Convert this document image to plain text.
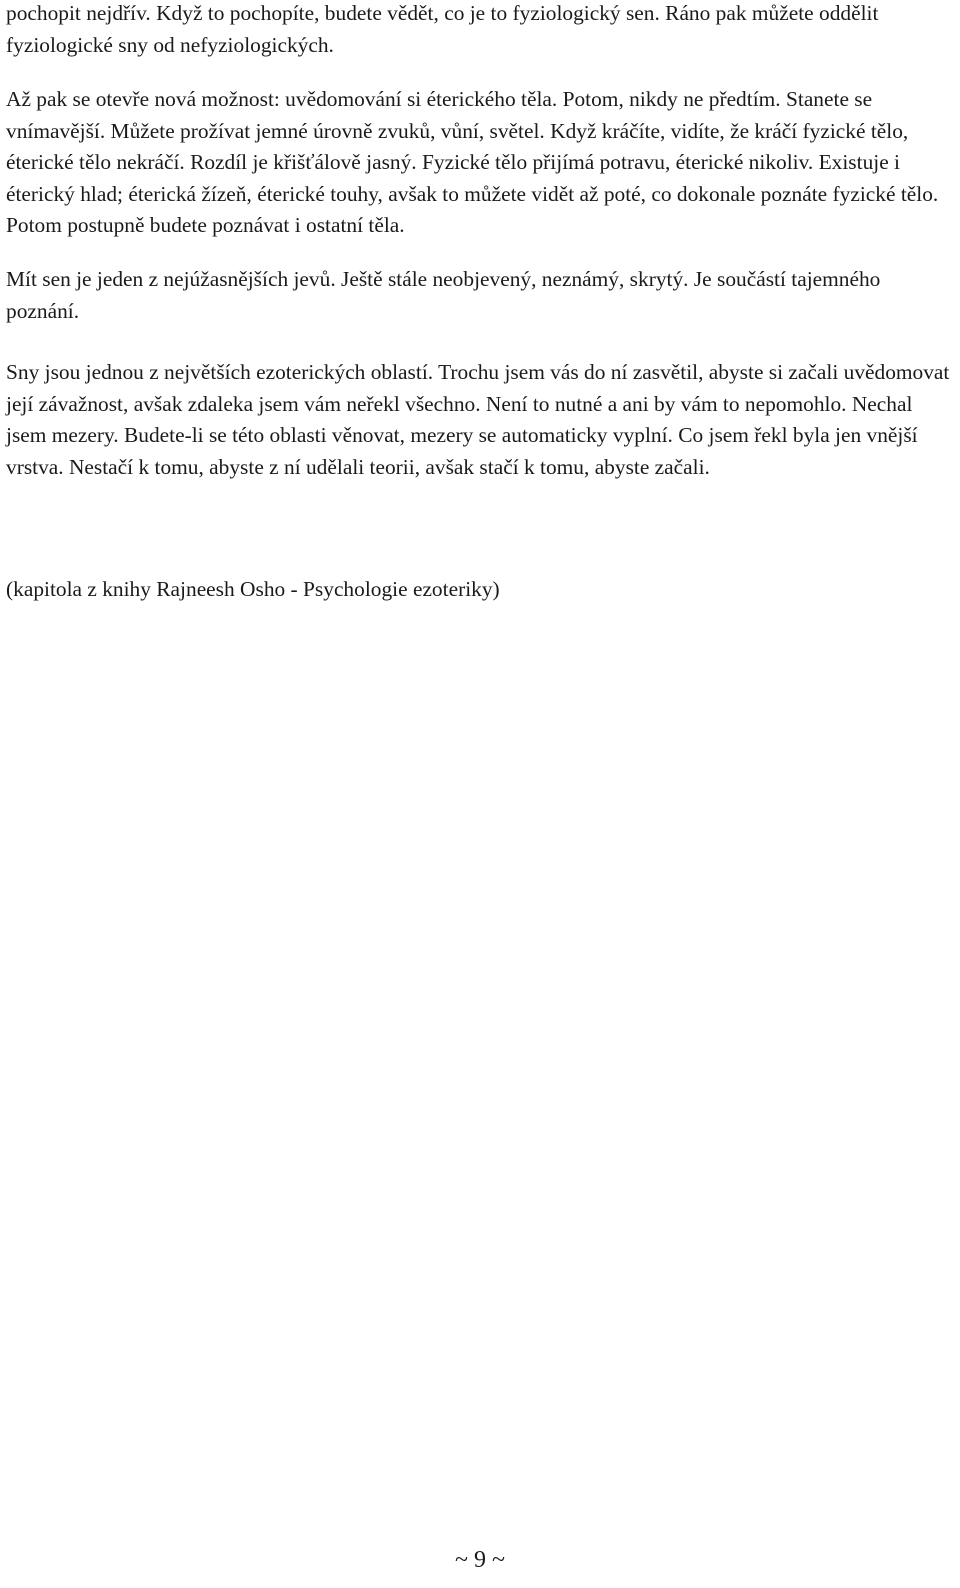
pochopit nejdřív. Když to pochopíte, budete vědět, co je to fyziologický sen. Ráno pak můžete oddělit fyziologické sny od nefyziologických.

Až pak se otevře nová možnost: uvědomování si éterického těla. Potom, nikdy ne předtím. Stanete se vnímavější. Můžete prožívat jemné úrovně zvuků, vůní, světel. Když kráčíte, vidíte, že kráčí fyzické tělo, éterické tělo nekráčí. Rozdíl je křišťálově jasný. Fyzické tělo přijímá potravu, éterické nikoliv. Existuje i éterický hlad; éterická žízeň, éterické touhy, avšak to můžete vidět až poté, co dokonale poznáte fyzické tělo. Potom postupně budete poznávat i ostatní těla.

Mít sen je jeden z nejúžasnějších jevů. Ještě stále neobjevený, neznámý, skrytý. Je součástí tajemného poznání.

Sny jsou jednou z největších ezoterických oblastí. Trochu jsem vás do ní zasvětil, abyste si začali uvědomovat její závažnost, avšak zdaleka jsem vám neřekl všechno. Není to nutné a ani by vám to nepomohlo. Nechal jsem mezery. Budete-li se této oblasti věnovat, mezery se automaticky vyplní. Co jsem řekl byla jen vnější vrstva. Nestačí k tomu, abyste z ní udělali teorii, avšak stačí k tomu, abyste začali.

(kapitola z knihy Rajneesh Osho - Psychologie ezoteriky)

~ 9 ~
